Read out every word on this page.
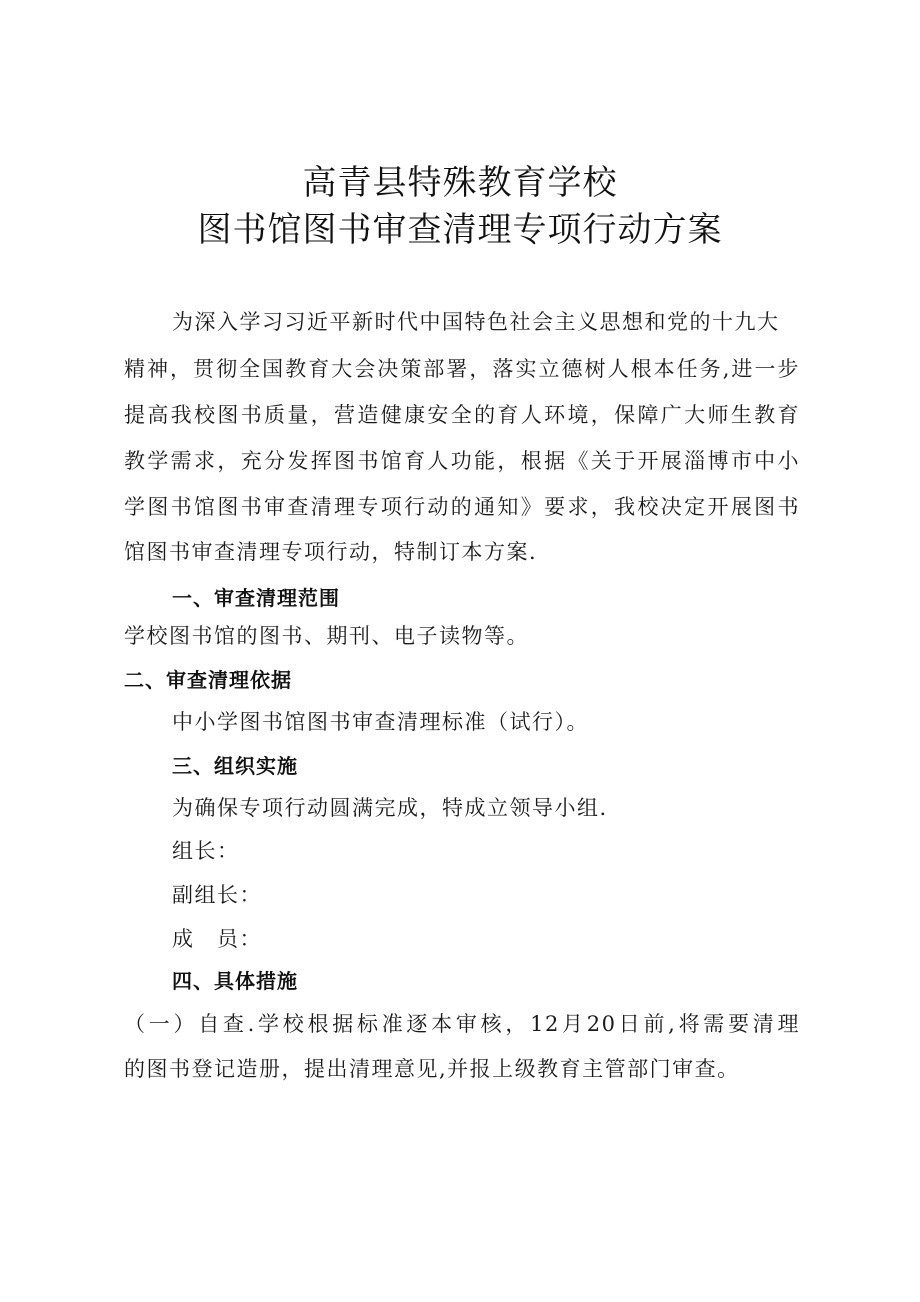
高青县特殊教育学校
图书馆图书审查清理专项行动方案
为深入学习习近平新时代中国特色社会主义思想和党的十九大
精神，贯彻全国教育大会决策部署，落实立德树人根本任务,进一步
提高我校图书质量，营造健康安全的育人环境，保障广大师生教育
教学需求，充分发挥图书馆育人功能，根据《关于开展淄博市中小
学图书馆图书审查清理专项行动的通知》要求，我校决定开展图书
馆图书审查清理专项行动，特制订本方案.
一、审查清理范围
学校图书馆的图书、期刊、电子读物等。
二、审查清理依据
中小学图书馆图书审查清理标准（试行）。
三、组织实施
为确保专项行动圆满完成，特成立领导小组.
组长：
副组长：
成　员：
四、具体措施
（一）自查.学校根据标准逐本审核，12月20日前,将需要清理
的图书登记造册，提出清理意见,并报上级教育主管部门审查。
